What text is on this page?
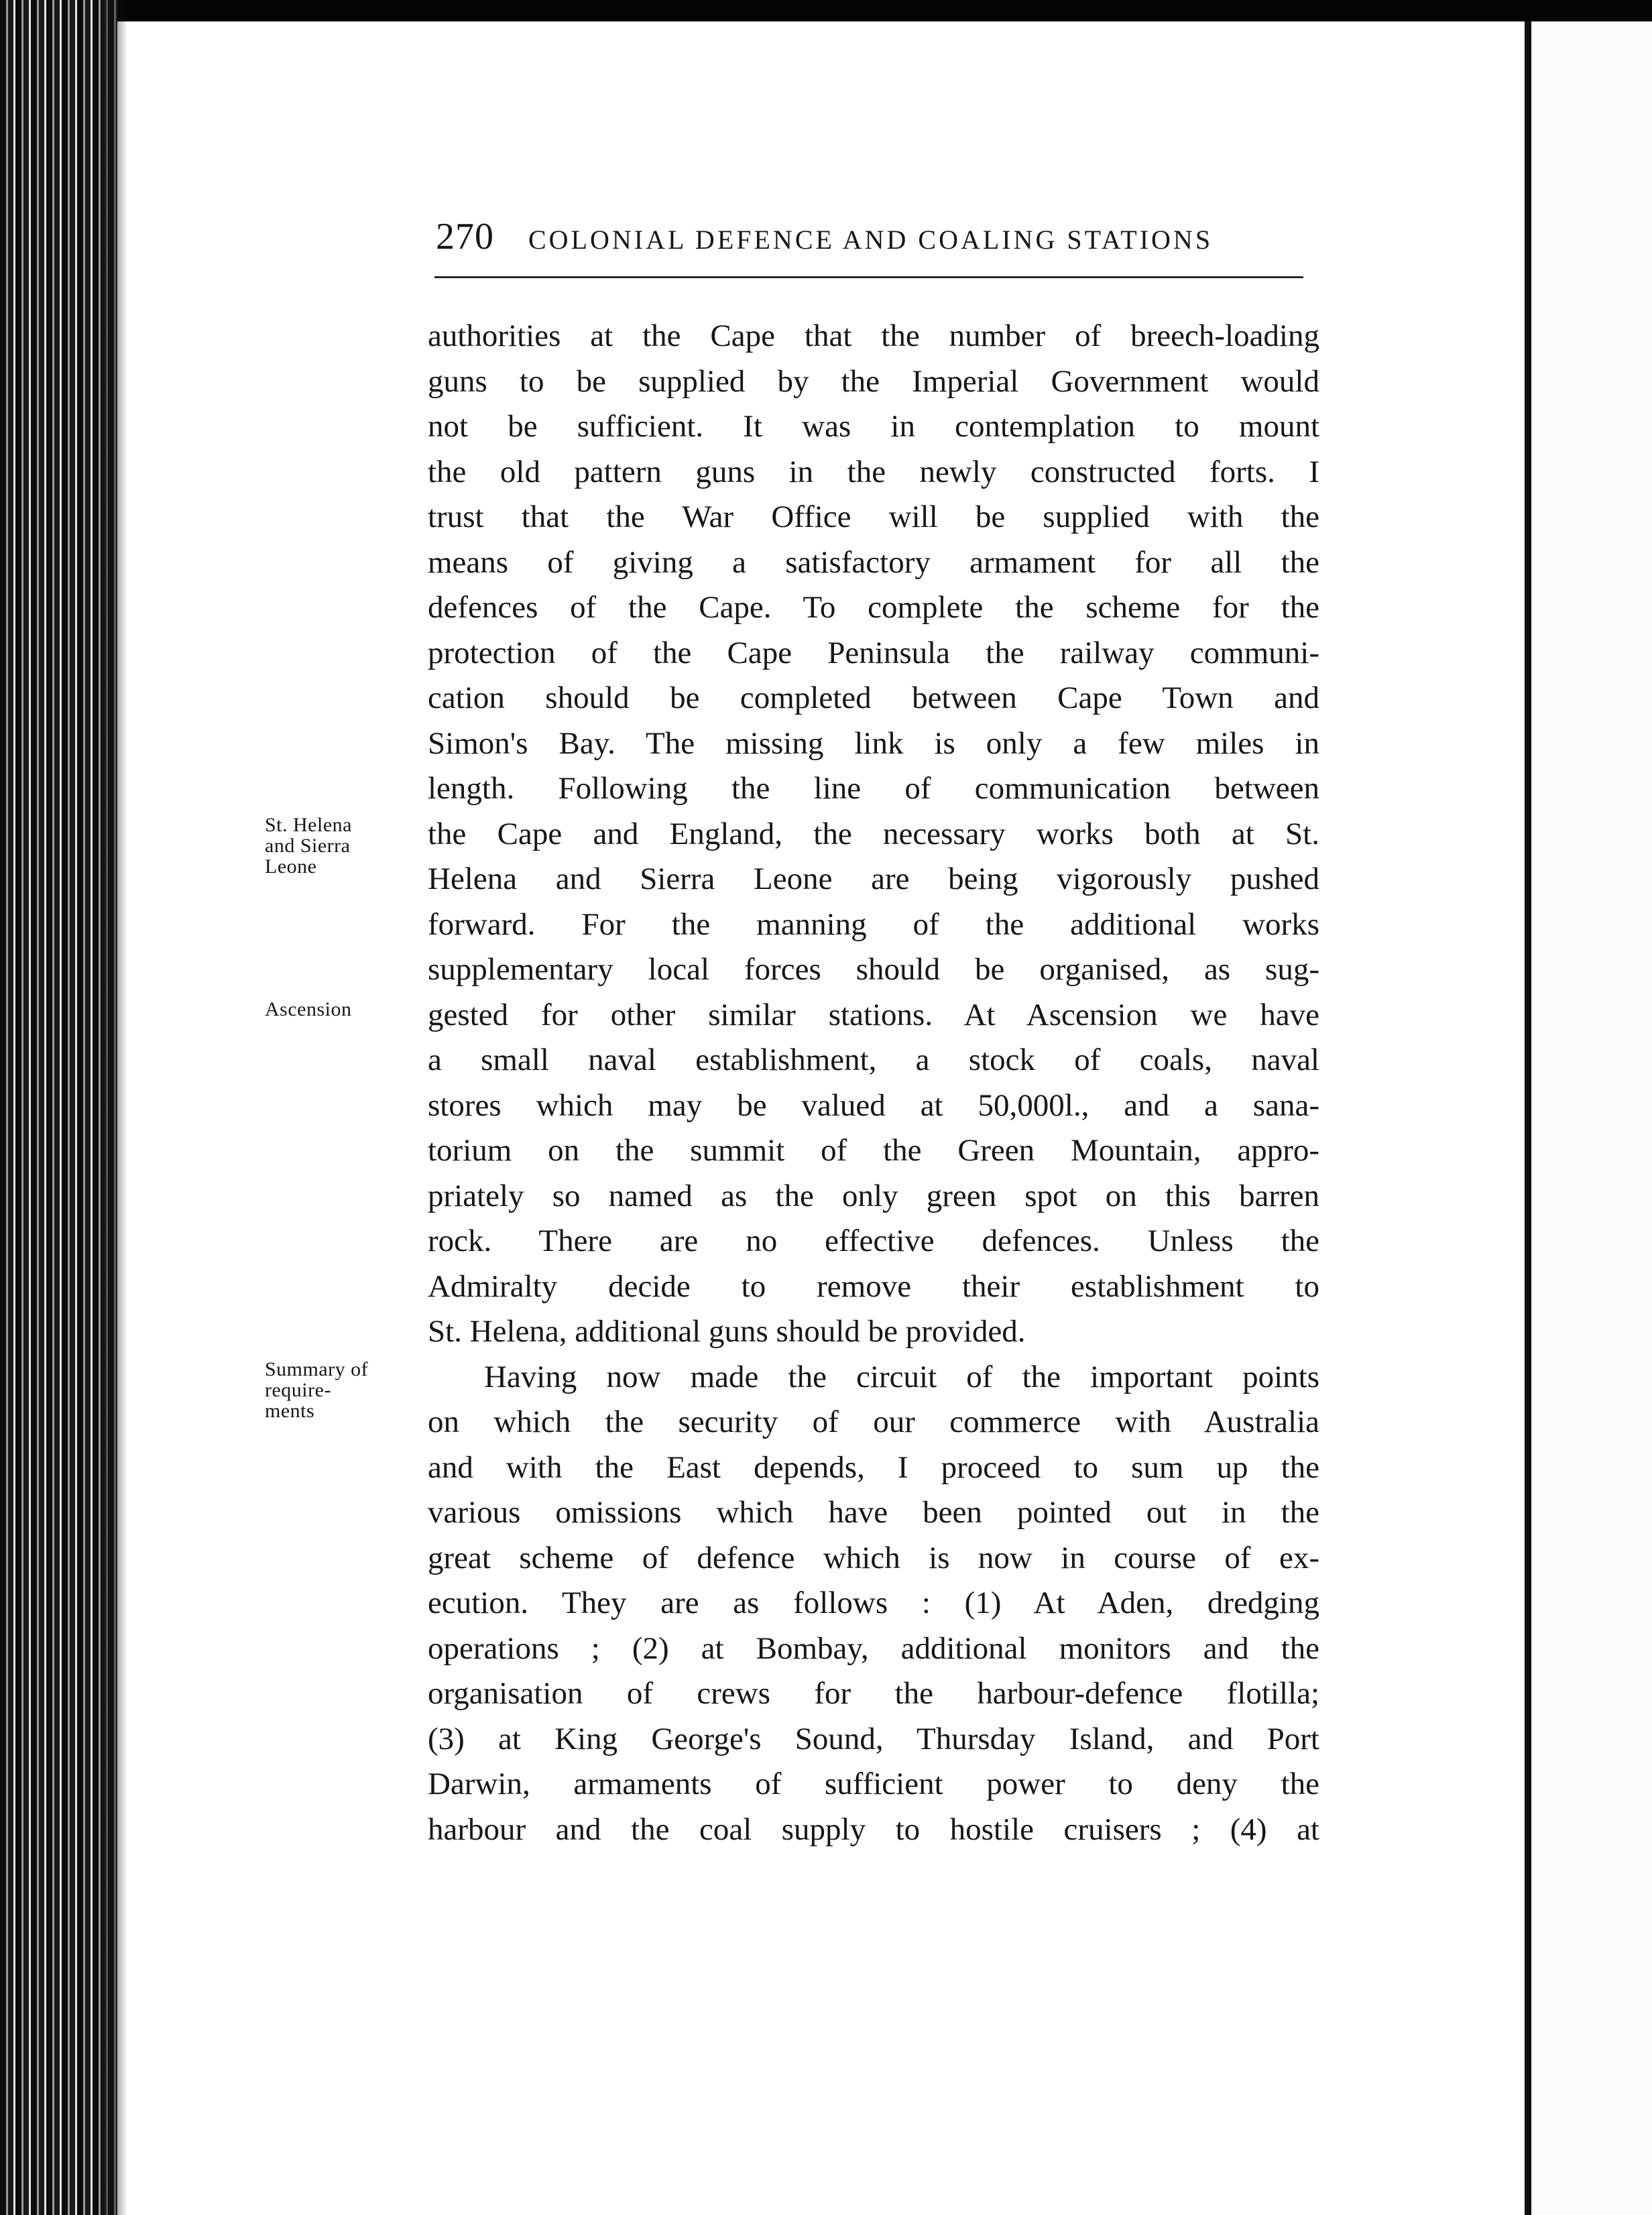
270 COLONIAL DEFENCE AND COALING STATIONS
St. Helena
and Sierra
Leone
Ascension
Summary of
require-
ments
authorities at the Cape that the number of breech-loading
guns to be supplied by the Imperial Government would
not be sufficient. It was in contemplation to mount
the old pattern guns in the newly constructed forts. I
trust that the War Office will be supplied with the
means of giving a satisfactory armament for all the
defences of the Cape. To complete the scheme for the
protection of the Cape Peninsula the railway communi-
cation should be completed between Cape Town and
Simon's Bay. The missing link is only a few miles in
length. Following the line of communication between
the Cape and England, the necessary works both at St.
Helena and Sierra Leone are being vigorously pushed
forward. For the manning of the additional works
supplementary local forces should be organised, as sug-
gested for other similar stations. At Ascension we have
a small naval establishment, a stock of coals, naval
stores which may be valued at 50,000l., and a sana-
torium on the summit of the Green Mountain, appro-
priately so named as the only green spot on this barren
rock. There are no effective defences. Unless the
Admiralty decide to remove their establishment to
St. Helena, additional guns should be provided.
Having now made the circuit of the important points
on which the security of our commerce with Australia
and with the East depends, I proceed to sum up the
various omissions which have been pointed out in the
great scheme of defence which is now in course of ex-
ecution. They are as follows : (1) At Aden, dredging
operations ; (2) at Bombay, additional monitors and the
organisation of crews for the harbour-defence flotilla;
(3) at King George's Sound, Thursday Island, and Port
Darwin, armaments of sufficient power to deny the
harbour and the coal supply to hostile cruisers ; (4) at
